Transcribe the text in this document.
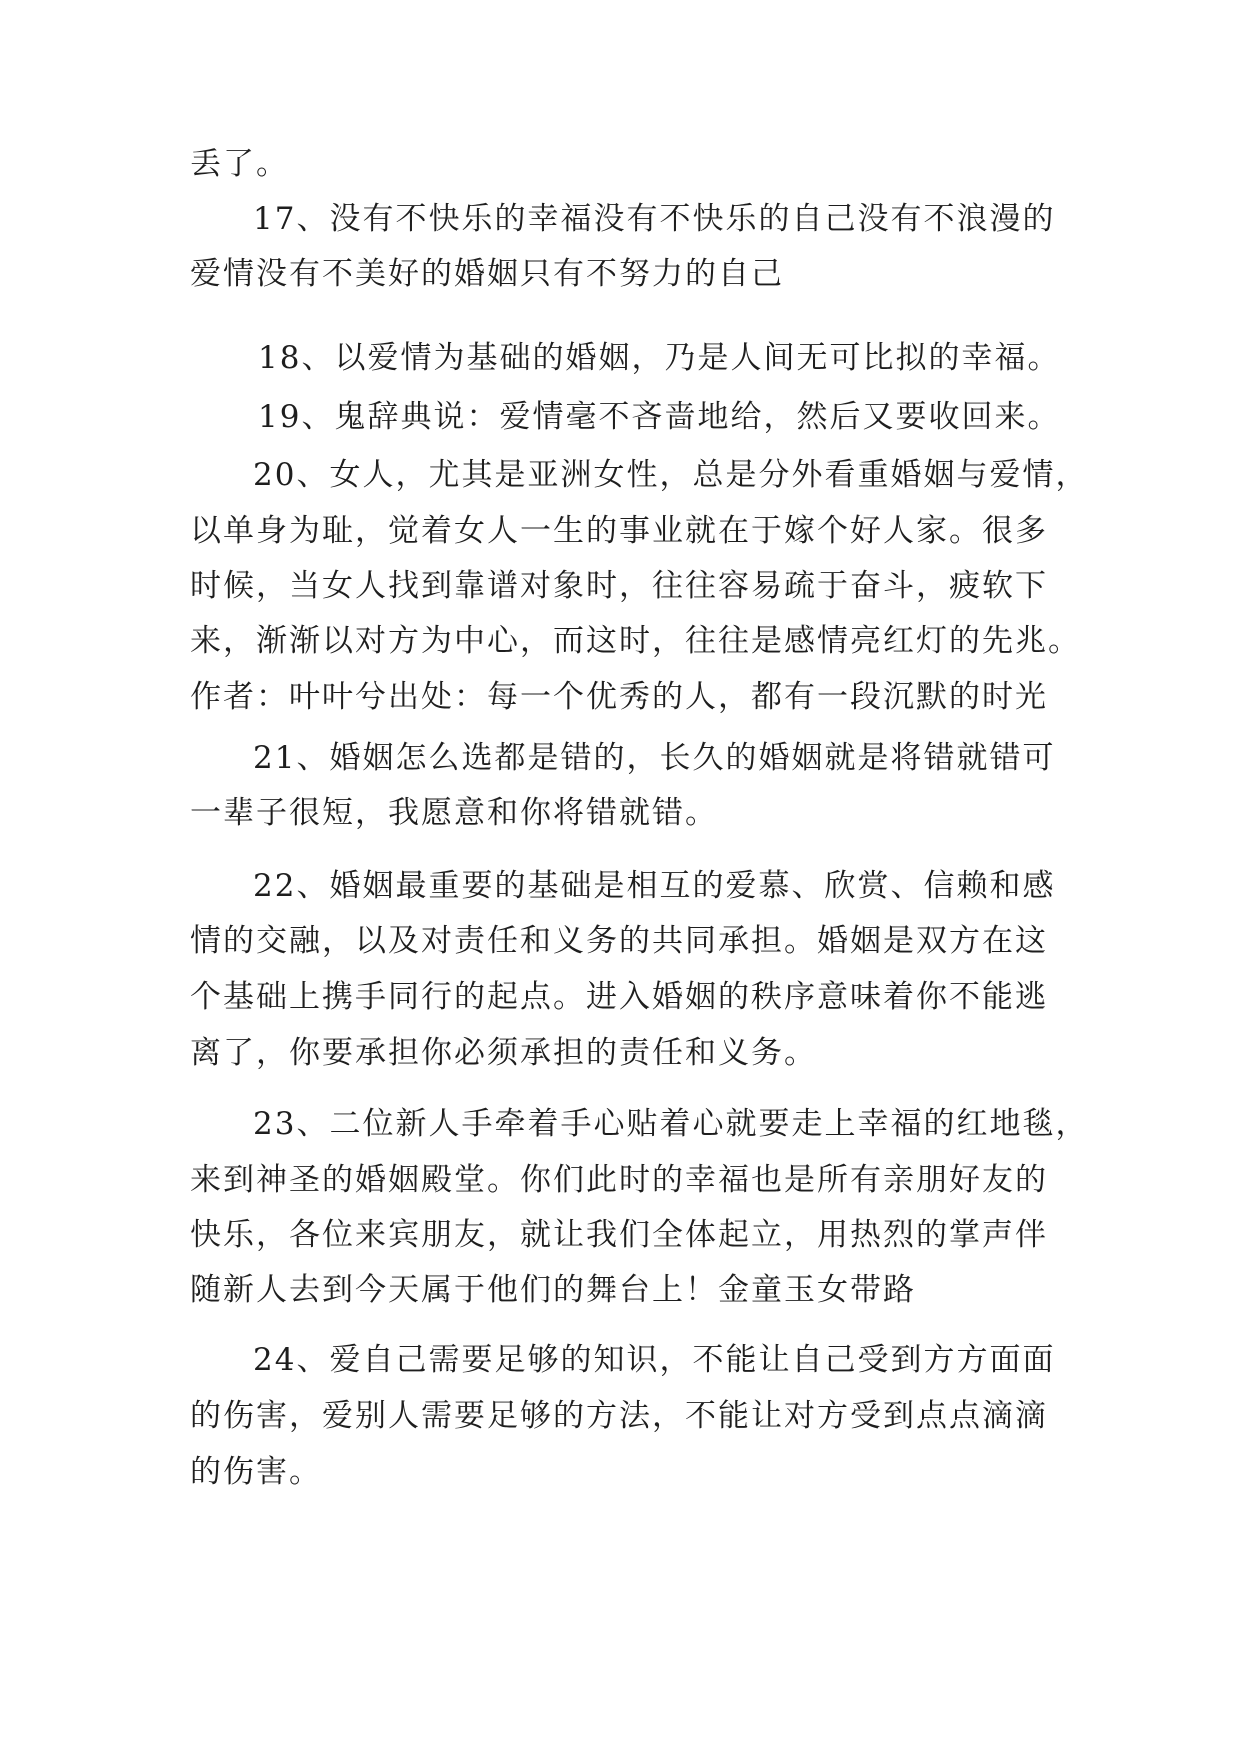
丢了。
17、没有不快乐的幸福没有不快乐的自己没有不浪漫的
爱情没有不美好的婚姻只有不努力的自己
18、以爱情为基础的婚姻，乃是人间无可比拟的幸福。
19、鬼辞典说：爱情毫不吝啬地给，然后又要收回来。
20、女人，尤其是亚洲女性，总是分外看重婚姻与爱情，
以单身为耻，觉着女人一生的事业就在于嫁个好人家。很多
时候，当女人找到靠谱对象时，往往容易疏于奋斗，疲软下
来，渐渐以对方为中心，而这时，往往是感情亮红灯的先兆。
作者：叶叶兮出处：每一个优秀的人，都有一段沉默的时光
21、婚姻怎么选都是错的，长久的婚姻就是将错就错可
一辈子很短，我愿意和你将错就错。
22、婚姻最重要的基础是相互的爱慕、欣赏、信赖和感
情的交融，以及对责任和义务的共同承担。婚姻是双方在这
个基础上携手同行的起点。进入婚姻的秩序意味着你不能逃
离了，你要承担你必须承担的责任和义务。
23、二位新人手牵着手心贴着心就要走上幸福的红地毯，
来到神圣的婚姻殿堂。你们此时的幸福也是所有亲朋好友的
快乐，各位来宾朋友，就让我们全体起立，用热烈的掌声伴
随新人去到今天属于他们的舞台上！金童玉女带路
24、爱自己需要足够的知识，不能让自己受到方方面面
的伤害，爱别人需要足够的方法，不能让对方受到点点滴滴
的伤害。
